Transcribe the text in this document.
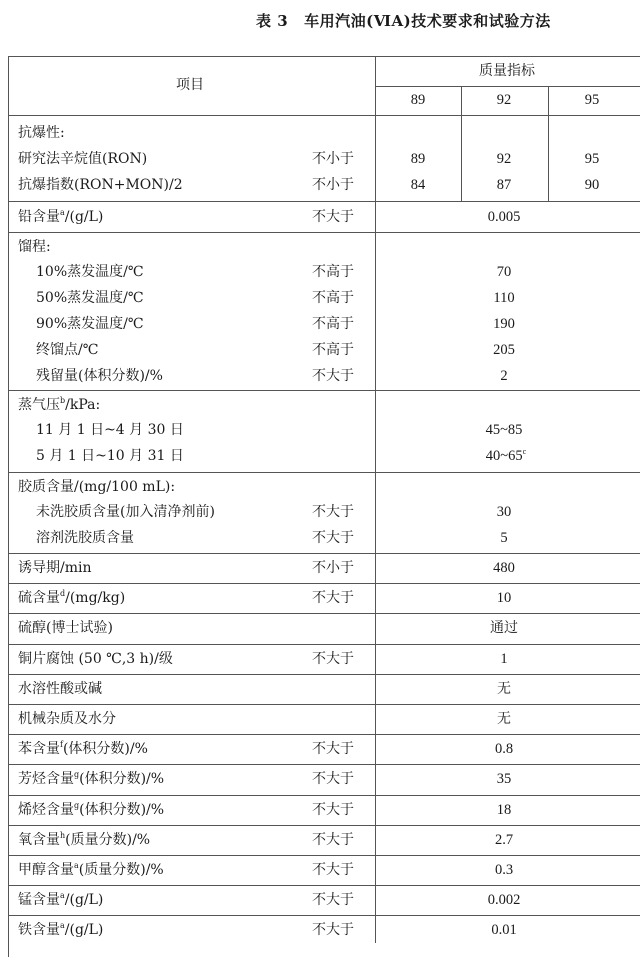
表 3 车用汽油(ⅥA)技术要求和试验方法
项目
质量指标
89	92	95
抗爆性:
研究法辛烷值(RON)	不小于	89	92	95
抗爆指数(RON+MON)/2	不小于	84	87	90
铅含量$^a$/(g/L)	不大于	0.005
馏程:
10%蒸发温度/℃	不高于	70
50%蒸发温度/℃	不高于	110
90%蒸发温度/℃	不高于	190
终馏点/℃	不高于	205
残留量(体积分数)/%	不大于	2
蒸气压$^b$/kPa:
11 月 1 日~4 月 30 日	45~85
5 月 1 日~10 月 31 日	40~65$^c$
胶质含量/(mg/100 mL):
未洗胶质含量(加入清净剂前)	不大于	30
溶剂洗胶质含量	不大于	5
诱导期/min	不小于	480
硫含量$^d$/(mg/kg)	不大于	10
硫醇(博士试验)	通过
铜片腐蚀 (50 ℃,3 h)/级	不大于	1
水溶性酸或碱	无
机械杂质及水分	无
苯含量$^f$(体积分数)/%	不大于	0.8
芳烃含量$^g$(体积分数)/%	不大于	35
烯烃含量$^g$(体积分数)/%	不大于	18
氧含量$^h$(质量分数)/%	不大于	2.7
甲醇含量$^a$(质量分数)/%	不大于	0.3
锰含量$^a$/(g/L)	不大于	0.002
铁含量$^a$/(g/L)	不大于	0.01
